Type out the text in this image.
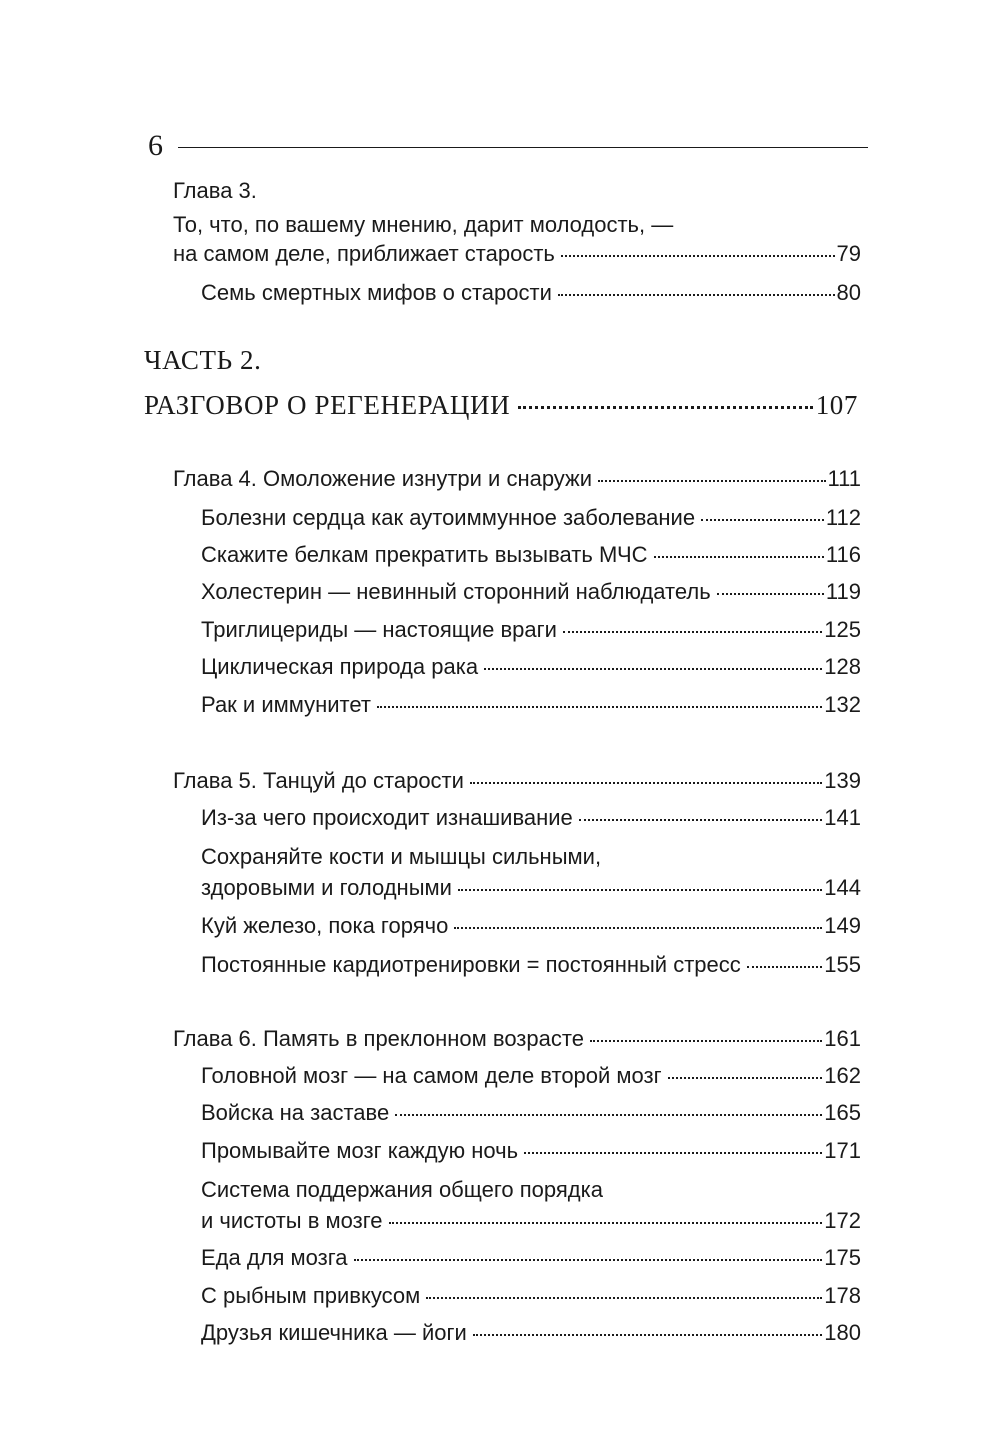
6
Глава 3.
То, что, по вашему мнению, дарит молодость, —
на самом деле, приближает старость	79
Семь смертных мифов о старости	80
ЧАСТЬ 2.
РАЗГОВОР О РЕГЕНЕРАЦИИ	107
Глава 4. Омоложение изнутри и снаружи	111
Болезни сердца как аутоиммунное заболевание	112
Скажите белкам прекратить вызывать МЧС	116
Холестерин — невинный сторонний наблюдатель	119
Триглицериды — настоящие враги	125
Циклическая природа рака	128
Рак и иммунитет	132
Глава 5. Танцуй до старости	139
Из-за чего происходит изнашивание	141
Сохраняйте кости и мышцы сильными,
здоровыми и голодными	144
Куй железо, пока горячо	149
Постоянные кардиотренировки = постоянный стресс	155
Глава 6. Память в преклонном возрасте	161
Головной мозг — на самом деле второй мозг	162
Войска на заставе	165
Промывайте мозг каждую ночь	171
Система поддержания общего порядка
и чистоты в мозге	172
Еда для мозга	175
С рыбным привкусом	178
Друзья кишечника — йоги	180
